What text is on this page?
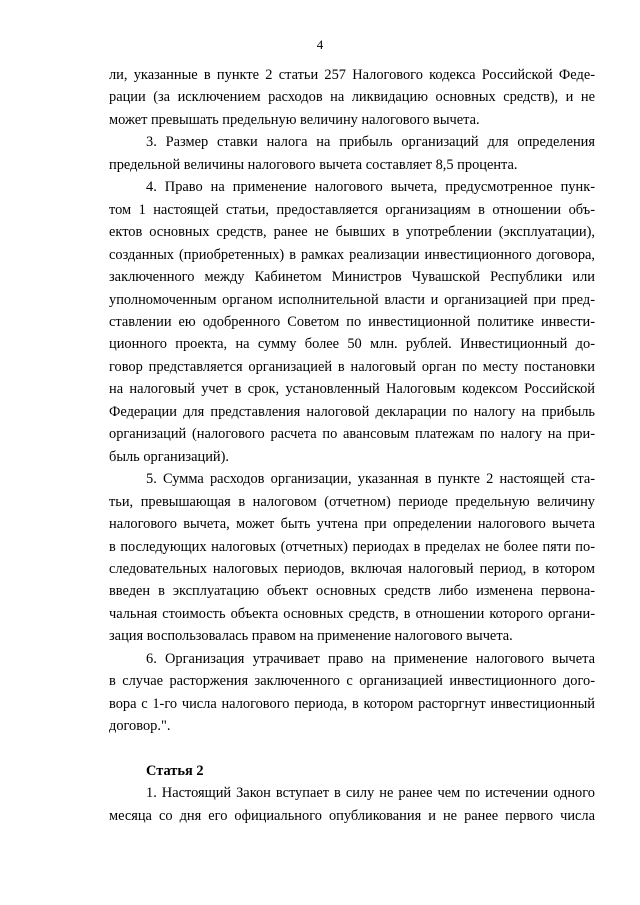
4

ли, указанные в пункте 2 статьи 257 Налогового кодекса Российской Феде-

рации (за исключением расходов на ликвидацию основных средств), и не

может превышать предельную величину налогового вычета.

3. Размер ставки налога на прибыль организаций для определения

предельной величины налогового вычета составляет 8,5 процента.

4. Право на применение налогового вычета, предусмотренное пунк-

том 1 настоящей статьи, предоставляется организациям в отношении объ-

ектов основных средств, ранее не бывших в употреблении (эксплуатации),

созданных (приобретенных) в рамках реализации инвестиционного договора,

заключенного между Кабинетом Министров Чувашской Республики или

уполномоченным органом исполнительной власти и организацией при пред-

ставлении ею одобренного Советом по инвестиционной политике инвести-

ционного проекта, на сумму более 50 млн. рублей. Инвестиционный до-

говор представляется организацией в налоговый орган по месту постановки

на налоговый учет в срок, установленный Налоговым кодексом Российской

Федерации для представления налоговой декларации по налогу на прибыль

организаций (налогового расчета по авансовым платежам по налогу на при-

быль организаций).

5. Сумма расходов организации, указанная в пункте 2 настоящей ста-

тьи, превышающая в налоговом (отчетном) периоде предельную величину

налогового вычета, может быть учтена при определении налогового вычета

в последующих налоговых (отчетных) периодах в пределах не более пяти по-

следовательных налоговых периодов, включая налоговый период, в котором

введен в эксплуатацию объект основных средств либо изменена первона-

чальная стоимость объекта основных средств, в отношении которого органи-

зация воспользовалась правом на применение налогового вычета.

6. Организация утрачивает право на применение налогового вычета

в случае расторжения заключенного с организацией инвестиционного дого-

вора с 1-го числа налогового периода, в котором расторгнут инвестиционный

договор.".

Статья 2

1. Настоящий Закон вступает в силу не ранее чем по истечении одного

месяца со дня его официального опубликования и не ранее первого числа
